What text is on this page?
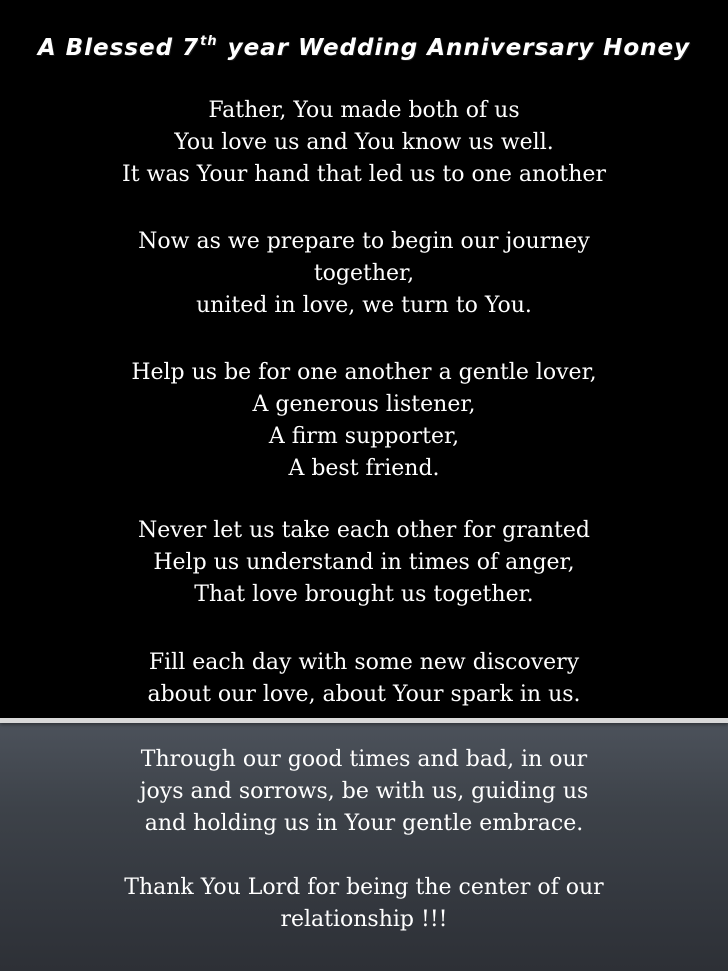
A Blessed 7th year Wedding Anniversary Honey
Father, You made both of us
You love us and You know us well.
It was Your hand that led us to one another
Now as we prepare to begin our journey
together,
united in love, we turn to You.
Help us be for one another a gentle lover,
A generous listener,
A firm supporter,
A best friend.
Never let us take each other for granted
Help us understand in times of anger,
That love brought us together.
Fill each day with some new discovery
about our love, about Your spark in us.
Through our good times and bad, in our
joys and sorrows, be with us, guiding us
and holding us in Your gentle embrace.
Thank You Lord for being the center of our
relationship !!!
